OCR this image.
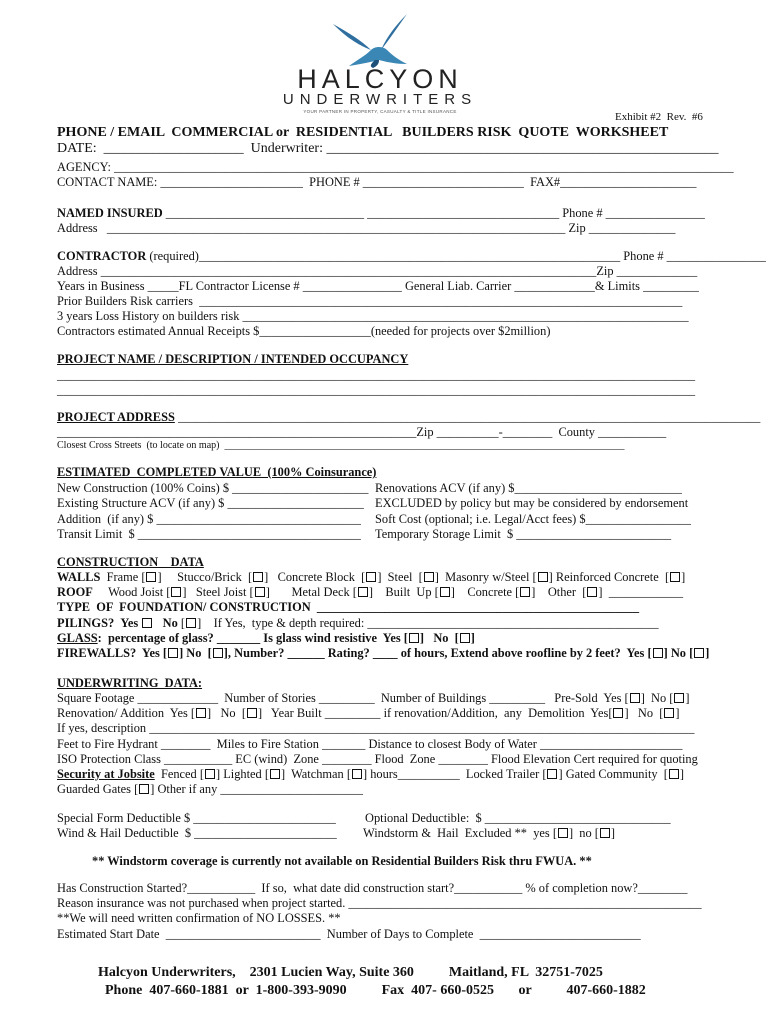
HALCYON
UNDERWRITERS
YOUR PARTNER IN PROPERTY, CASUALTY & TITLE INSURANCE	Exhibit #2  Rev.  #6
PHONE / EMAIL  COMMERCIAL or  RESIDENTIAL   BUILDERS RISK  QUOTE  WORKSHEET
DATE:  ____________________  Underwriter: ________________________________________________________
AGENCY: ____________________________________________________________________________________________________
CONTACT NAME: _______________________  PHONE # __________________________  FAX#______________________
NAMED INSURED ________________________________ _______________________________ Phone # ________________
Address   __________________________________________________________________________ Zip ______________
CONTRACTOR (required)____________________________________________________________________ Phone # ________________
Address ________________________________________________________________________________Zip _____________
Years in Business _____FL Contractor License # ________________ General Liab. Carrier _____________& Limits _________
Prior Builders Risk carriers  ______________________________________________________________________________
3 years Loss History on builders risk ________________________________________________________________________
Contractors estimated Annual Receipts $__________________(needed for projects over $2million)
PROJECT NAME / DESCRIPTION / INTENDED OCCUPANCY
_______________________________________________________________________________________________________
_______________________________________________________________________________________________________
PROJECT ADDRESS ______________________________________________________________________________________________
__________________________________________________________Zip __________-________  County ___________
Closest Cross Streets  (to locate on map)  ________________________________________________________________________________
ESTIMATED  COMPLETED VALUE  (100% Coinsurance)
New Construction (100% Coins) $ ______________________
Existing Structure ACV (if any) $ ______________________
Addition  (if any) $ _________________________________
Transit Limit  $ ____________________________________
Renovations ACV (if any) $___________________________
EXCLUDED by policy but may be considered by endorsement
Soft Cost (optional; i.e. Legal/Acct fees) $_________________
Temporary Storage Limit  $ _________________________
CONSTRUCTION    DATA
WALLS Frame [ ]     Stucco/Brick  [ ]   Concrete Block  [ ]  Steel  [ ]  Masonry w/Steel [ ] Reinforced Concrete  [ ]
ROOF Wood Joist [ ]   Steel Joist [ ]       Metal Deck [ ]    Built  Up [ ]    Concrete [ ]    Other  [ ]  ____________
TYPE  OF  FOUNDATION/ CONSTRUCTION  ____________________________________________________
PILINGS? Yes No [ ]    If Yes,  type & depth required: _______________________________________________
GLASS:  percentage of glass? _______ Is glass wind resistive Yes [ ]   No  [ ]
FIREWALLS?  Yes [ ] No  [ ], Number? ______ Rating? ____ of hours, Extend above roofline by 2 feet?  Yes [ ] No [ ]
UNDERWRITING  DATA:
Square Footage _____________  Number of Stories _________  Number of Buildings _________   Pre-Sold  Yes [ ]  No [ ]
Renovation/ Addition  Yes [ ]   No  [ ]   Year Built _________ if renovation/Addition,  any  Demolition  Yes[ ]   No  [ ]
If yes, description ________________________________________________________________________________________
Feet to Fire Hydrant ________  Miles to Fire Station _______ Distance to closest Body of Water _______________________
ISO Protection Class ___________ EC (wind)  Zone ________ Flood  Zone ________ Flood Elevation Cert required for quoting
Security at Jobsite Fenced [ ] Lighted [ ]  Watchman [ ] hours__________ Locked Trailer [ ] Gated Community  [ ]
Guarded Gates [ ] Other if any _______________________
Special Form Deductible $ _______________________
Wind & Hail Deductible  $ _______________________
Optional Deductible:  $ ______________________________
Windstorm &  Hail  Excluded **  yes [ ]  no [ ]
** Windstorm coverage is currently not available on Residential Builders Risk thru FWUA. **
Has Construction Started?___________  If so,  what date did construction start?___________ % of completion now?________
Reason insurance was not purchased when project started. _________________________________________________________
**We will need written confirmation of NO LOSSES. **
Estimated Start Date  _________________________  Number of Days to Complete  __________________________
Halcyon Underwriters,    2301 Lucien Way, Suite 360          Maitland, FL  32751-7025
Phone  407-660-1881  or  1-800-393-9090          Fax  407- 660-0525       or          407-660-1882
